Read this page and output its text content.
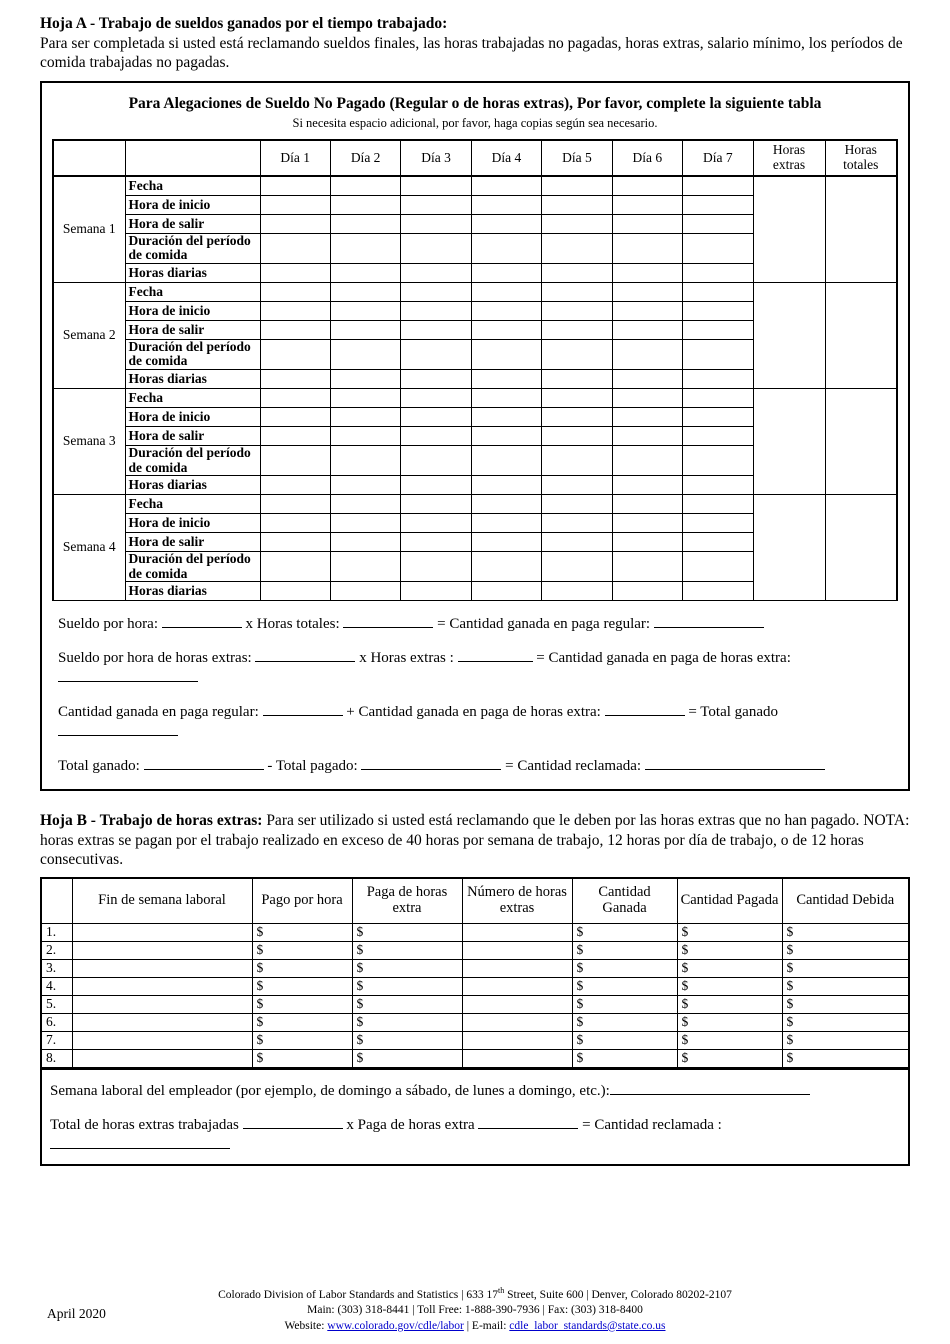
Hoja A - Trabajo de sueldos ganados por el tiempo trabajado:
Para ser completada si usted está reclamando sueldos finales, las horas trabajadas no pagadas, horas extras, salario mínimo, los períodos de comida trabajadas no pagadas.
Para Alegaciones de Sueldo No Pagado (Regular o de horas extras), Por favor, complete la siguiente tabla
Si necesita espacio adicional, por favor, haga copias según sea necesario.
		Día 1	Día 2	Día 3	Día 4	Día 5	Día 6	Día 7	Horas extras	Horas totales
Semana 1	Fecha									
	Hora de inicio									
	Hora de salir									
	Duración del período de comida									

	Horas diarias									
Semana 2	Fecha									
	Hora de inicio									
	Hora de salir									
	Duración del período de comida									

	Horas diarias									
Semana 3	Fecha									
	Hora de inicio									
	Hora de salir									
	Duración del período de comida									

	Horas diarias									
Semana 4	Fecha									
	Hora de inicio									
	Hora de salir									
	Duración del período de comida									

	Horas diarias									
Sueldo por hora:	x Horas totales:	= Cantidad ganada en paga regular:
Sueldo por hora de horas extras:	x Horas extras :	= Cantidad ganada en paga de horas extra:
Cantidad ganada en paga regular:	+ Cantidad ganada en paga de horas extra:	= Total ganado
Total ganado:	- Total pagado:	= Cantidad reclamada:
Hoja B - Trabajo de horas extras: Para ser utilizado si usted está reclamando que le deben por las horas extras que no han pagado. NOTA: horas extras se pagan por el trabajo realizado en exceso de 40 horas por semana de trabajo, 12 horas por día de trabajo, o de 12 horas consecutivas.
	Fin de semana laboral	Pago por hora	Paga de horas extra	Número de horas extras	Cantidad Ganada	Cantidad Pagada	Cantidad Debida
1.		$	$		$	$	$
2.		$	$		$	$	$
3.		$	$		$	$	$
4.		$	$		$	$	$
5.		$	$		$	$	$
6.		$	$		$	$	$
7.		$	$		$	$	$
8.		$	$		$	$	$
Semana laboral del empleador (por ejemplo, de domingo a sábado, de lunes a domingo, etc.):
Total de horas extras trabajadas	x Paga de horas extra	= Cantidad reclamada :
Colorado Division of Labor Standards and Statistics | 633 17th Street, Suite 600 | Denver, Colorado 80202-2107
Main: (303) 318-8441 | Toll Free: 1-888-390-7936 | Fax: (303) 318-8400
Website: www.colorado.gov/cdle/labor | E-mail: cdle_labor_standards@state.co.us
April 2020
